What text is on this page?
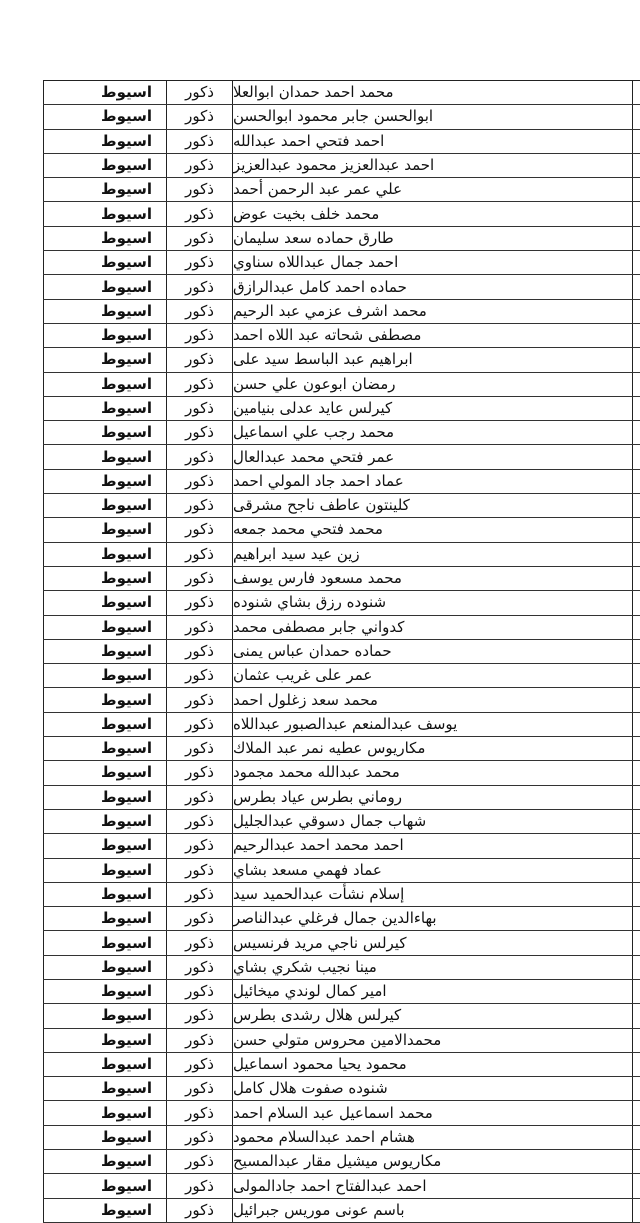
اسيوط	ذكور	محمد احمد حمدان ابوالعلا
اسيوط	ذكور	ابوالحسن جابر محمود ابوالحسن
اسيوط	ذكور	احمد فتحي احمد عبدالله
اسيوط	ذكور	احمد عبدالعزيز محمود عبدالعزيز
اسيوط	ذكور	علي عمر عبد الرحمن أحمد
اسيوط	ذكور	محمد خلف بخيت عوض
اسيوط	ذكور	طارق حماده سعد سليمان
اسيوط	ذكور	احمد جمال عبداللاه سناوي
اسيوط	ذكور	حماده احمد كامل عبدالرازق
اسيوط	ذكور	محمد اشرف عزمي عبد الرحيم
اسيوط	ذكور	مصطفى شحاته عبد اللاه احمد
اسيوط	ذكور	ابراهيم عبد الباسط سيد على
اسيوط	ذكور	رمضان ابوعون علي حسن
اسيوط	ذكور	كيرلس عايد عدلى بنيامين
اسيوط	ذكور	محمد رجب علي اسماعيل
اسيوط	ذكور	عمر فتحي محمد عبدالعال
اسيوط	ذكور	عماد احمد جاد المولي احمد
اسيوط	ذكور	كلينتون عاطف ناجح مشرقى
اسيوط	ذكور	محمد فتحي محمد جمعه
اسيوط	ذكور	زين عيد سيد ابراهيم
اسيوط	ذكور	محمد مسعود فارس يوسف
اسيوط	ذكور	شنوده رزق بشاي شنوده
اسيوط	ذكور	كدواني جابر مصطفى محمد
اسيوط	ذكور	حماده حمدان عباس يمنى
اسيوط	ذكور	عمر على غريب عثمان
اسيوط	ذكور	محمد سعد زغلول احمد
اسيوط	ذكور	يوسف عبدالمنعم عبدالصبور عبداللاه
اسيوط	ذكور	مكاريوس عطيه نمر عبد الملاك
اسيوط	ذكور	محمد عبدالله محمد مجمود
اسيوط	ذكور	روماني بطرس عياد بطرس
اسيوط	ذكور	شهاب جمال دسوقي عبدالجليل
اسيوط	ذكور	احمد محمد احمد عبدالرحيم
اسيوط	ذكور	عماد فهمي مسعد بشاي
اسيوط	ذكور	إسلام نشأت عبدالحميد سيد
اسيوط	ذكور	بهاءالدين جمال فرغلي عبدالناصر
اسيوط	ذكور	كيرلس ناجي مريد فرنسيس
اسيوط	ذكور	مينا نجيب شكري بشاي
اسيوط	ذكور	امير كمال لوندي ميخائيل
اسيوط	ذكور	كيرلس هلال رشدى بطرس
اسيوط	ذكور	محمدالامين محروس متولي حسن
اسيوط	ذكور	محمود يحيا محمود اسماعيل
اسيوط	ذكور	شنوده صفوت هلال كامل
اسيوط	ذكور	محمد اسماعيل عبد السلام احمد
اسيوط	ذكور	هشام احمد عبدالسلام محمود
اسيوط	ذكور	مكاريوس ميشيل مقار عبدالمسيح
اسيوط	ذكور	احمد عبدالفتاح احمد جادالمولى
اسيوط	ذكور	باسم عونى موريس جبرائيل
